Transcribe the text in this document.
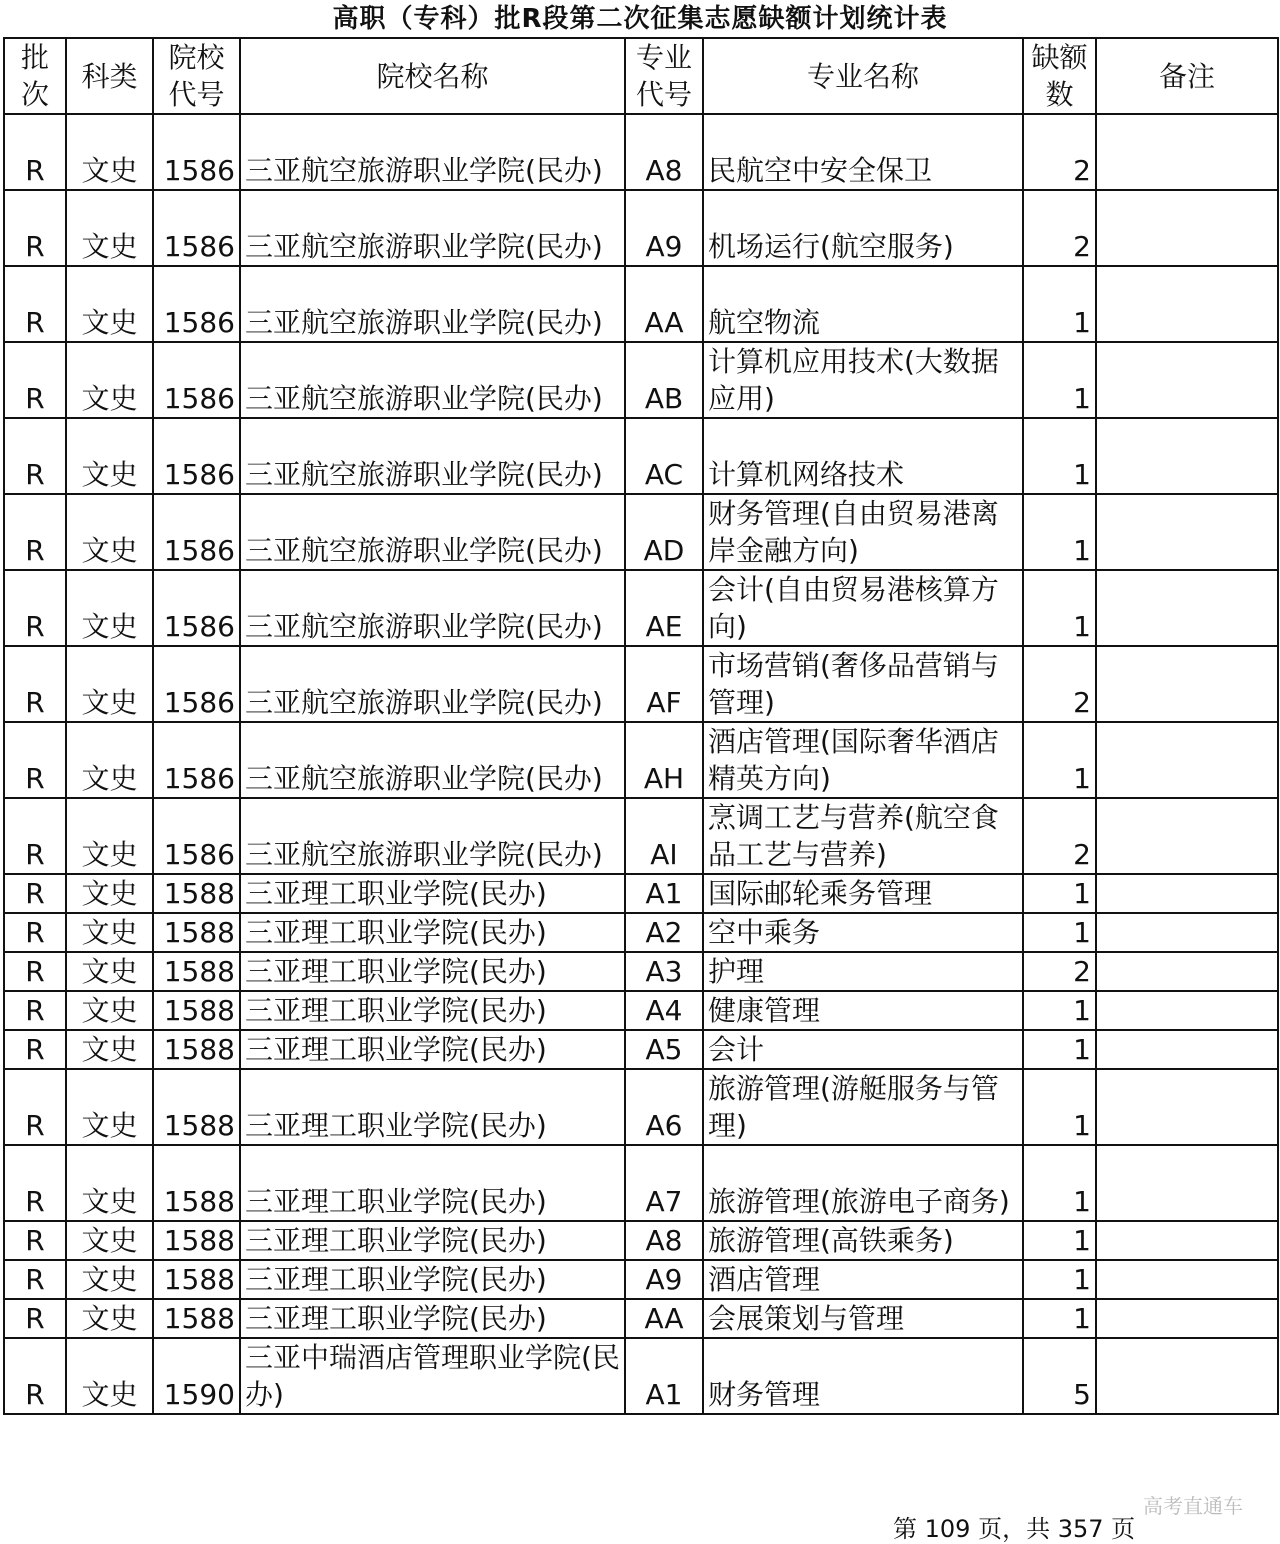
高职（专科）批R段第二次征集志愿缺额计划统计表
批次	科类	院校代号	院校名称	专业代号	专业名称	缺额数	备注
R	文史	1586	三亚航空旅游职业学院(民办)	A8	民航空中安全保卫	2	
R	文史	1586	三亚航空旅游职业学院(民办)	A9	机场运行(航空服务)	2	
R	文史	1586	三亚航空旅游职业学院(民办)	AA	航空物流	1	
R	文史	1586	三亚航空旅游职业学院(民办)	AB	计算机应用技术(大数据应用)	1	
R	文史	1586	三亚航空旅游职业学院(民办)	AC	计算机网络技术	1	
R	文史	1586	三亚航空旅游职业学院(民办)	AD	财务管理(自由贸易港离岸金融方向)	1	
R	文史	1586	三亚航空旅游职业学院(民办)	AE	会计(自由贸易港核算方向)	1	
R	文史	1586	三亚航空旅游职业学院(民办)	AF	市场营销(奢侈品营销与管理)	2	
R	文史	1586	三亚航空旅游职业学院(民办)	AH	酒店管理(国际奢华酒店精英方向)	1	
R	文史	1586	三亚航空旅游职业学院(民办)	AI	烹调工艺与营养(航空食品工艺与营养)	2	
R	文史	1588	三亚理工职业学院(民办)	A1	国际邮轮乘务管理	1	
R	文史	1588	三亚理工职业学院(民办)	A2	空中乘务	1	
R	文史	1588	三亚理工职业学院(民办)	A3	护理	2	
R	文史	1588	三亚理工职业学院(民办)	A4	健康管理	1	
R	文史	1588	三亚理工职业学院(民办)	A5	会计	1	
R	文史	1588	三亚理工职业学院(民办)	A6	旅游管理(游艇服务与管理)	1	
R	文史	1588	三亚理工职业学院(民办)	A7	旅游管理(旅游电子商务)	1	
R	文史	1588	三亚理工职业学院(民办)	A8	旅游管理(高铁乘务)	1	
R	文史	1588	三亚理工职业学院(民办)	A9	酒店管理	1	
R	文史	1588	三亚理工职业学院(民办)	AA	会展策划与管理	1	
R	文史	1590	三亚中瑞酒店管理职业学院(民办)	A1	财务管理	5	
高考直通车
第 109 页，共 357 页
